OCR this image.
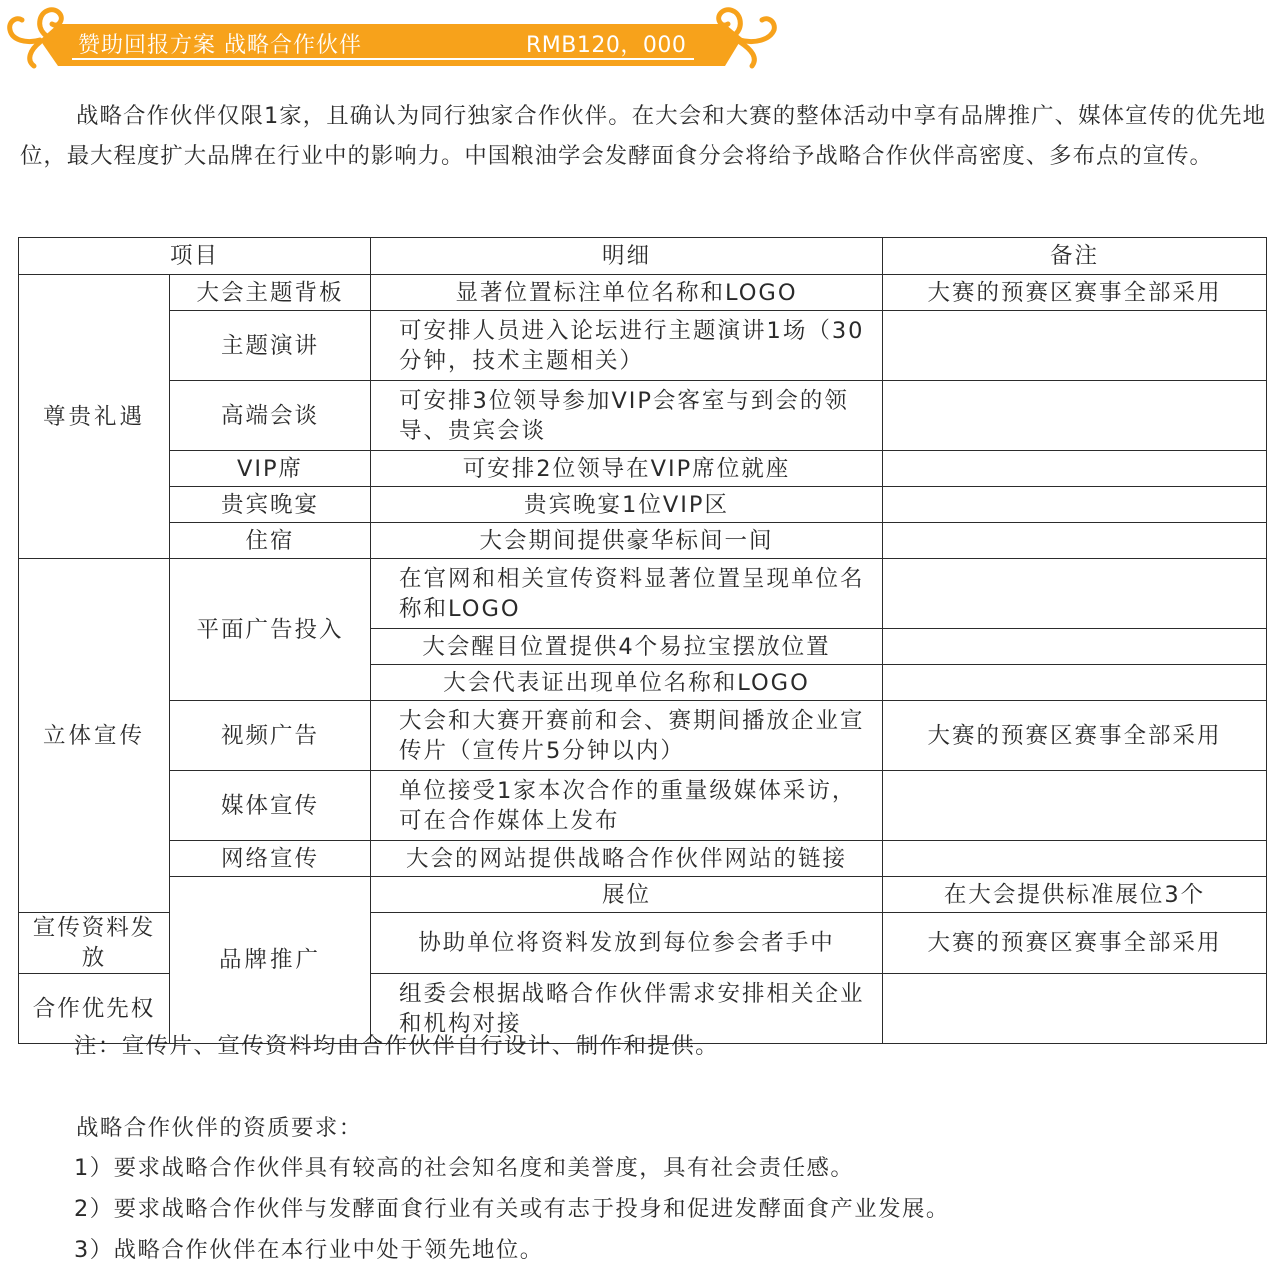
赞助回报方案 战略合作伙伴	RMB120，000

战略合作伙伴仅限1家，且确认为同行独家合作伙伴。在大会和大赛的整体活动中享有品牌推广、媒体宣传的优先地位，最大程度扩大品牌在行业中的影响力。中国粮油学会发酵面食分会将给予战略合作伙伴高密度、多布点的宣传。

项目		明细	备注	
尊贵礼遇	大会主题背板	显著位置标注单位名称和LOGO	大赛的预赛区赛事全部采用	
	主题演讲	可安排人员进入论坛进行主题演讲1场（30分钟，技术主题相关）		
	高端会谈	可安排3位领导参加VIP会客室与到会的领导、贵宾会谈		
	VIP席	可安排2位领导在VIP席位就座		
	贵宾晚宴	贵宾晚宴1位VIP区		
	住宿	大会期间提供豪华标间一间		
立体宣传	平面广告投入	在官网和相关宣传资料显著位置呈现单位名称和LOGO		
		大会醒目位置提供4个易拉宝摆放位置		
		大会代表证出现单位名称和LOGO		
	视频广告	大会和大赛开赛前和会、赛期间播放企业宣传片（宣传片5分钟以内）	大赛的预赛区赛事全部采用	
	媒体宣传	单位接受1家本次合作的重量级媒体采访，可在合作媒体上发布		
	网络宣传	大会的网站提供战略合作伙伴网站的链接		
	品牌推广	展位	在大会提供标准展位3个	
宣传资料发放		协助单位将资料发放到每位参会者手中	大赛的预赛区赛事全部采用	
合作优先权		组委会根据战略合作伙伴需求安排相关企业和机构对接		
注：宣传片、宣传资料均由合作伙伴自行设计、制作和提供。
战略合作伙伴的资质要求：
1）要求战略合作伙伴具有较高的社会知名度和美誉度，具有社会责任感。
2）要求战略合作伙伴与发酵面食行业有关或有志于投身和促进发酵面食产业发展。
3）战略合作伙伴在本行业中处于领先地位。
